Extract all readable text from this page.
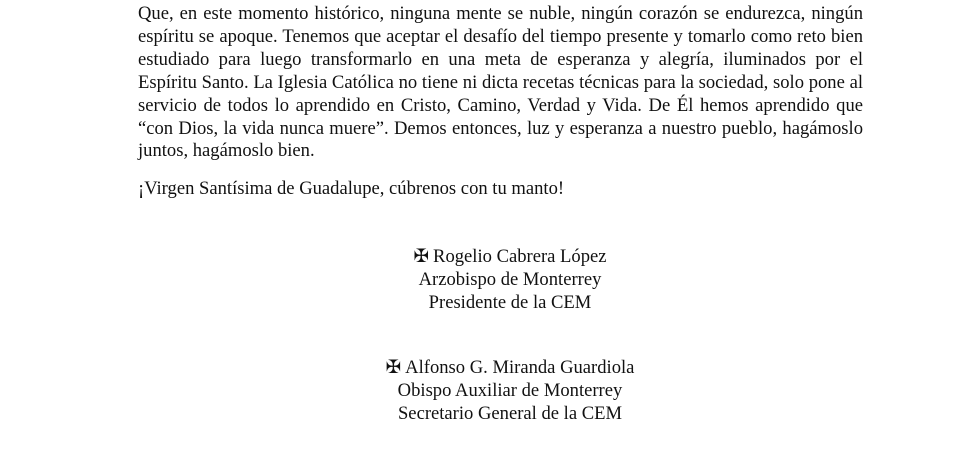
Que, en este momento histórico, ninguna mente se nuble, ningún corazón se endurezca, ningún espíritu se apoque. Tenemos que aceptar el desafío del tiempo presente y tomarlo como reto bien estudiado para luego transformarlo en una meta de esperanza y alegría, iluminados por el Espíritu Santo. La Iglesia Católica no tiene ni dicta recetas técnicas para la sociedad, solo pone al servicio de todos lo aprendido en Cristo, Camino, Verdad y Vida. De Él hemos aprendido que “con Dios, la vida nunca muere”. Demos entonces, luz y esperanza a nuestro pueblo, hagámoslo juntos, hagámoslo bien.

¡Virgen Santísima de Guadalupe, cúbrenos con tu manto!

✠ Rogelio Cabrera López
Arzobispo de Monterrey
Presidente de la CEM
✠ Alfonso G. Miranda Guardiola
Obispo Auxiliar de Monterrey
Secretario General de la CEM
